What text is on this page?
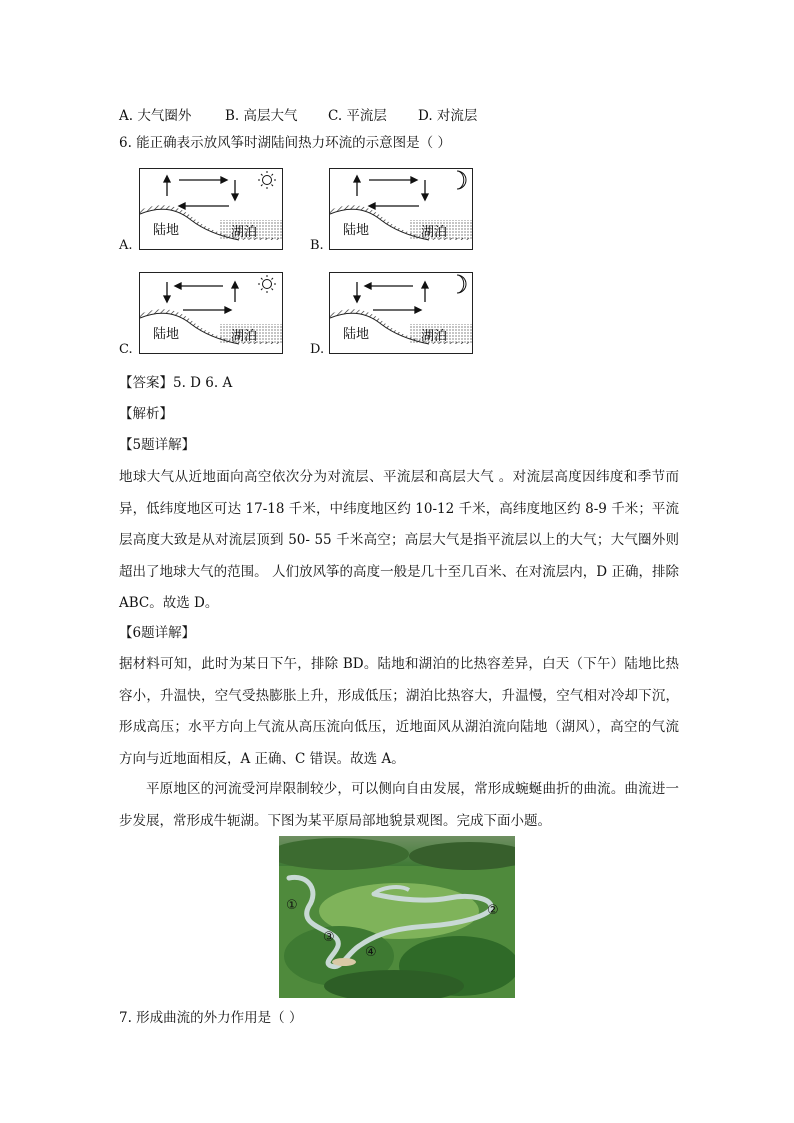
A. 大气圈外 B. 高层大气 C. 平流层 D. 对流层
6. 能正确表示放风筝时湖陆间热力环流的示意图是（ ）
A.
陆地	湖泊
B.
陆地	湖泊
C.
陆地	湖泊
D.
陆地	湖泊
【答案】5. D 6. A
【解析】
【5题详解】
地球大气从近地面向高空依次分为对流层、平流层和高层大气 。对流层高度因纬度和季节而异，低纬度地区可达 17-18 千米，中纬度地区约 10-12 千米，高纬度地区约 8-9 千米；平流层高度大致是从对流层顶到 50- 55 千米高空；高层大气是指平流层以上的大气；大气圈外则超出了地球大气的范围。 人们放风筝的高度一般是几十至几百米、在对流层内，D 正确，排除 ABC。故选 D。
【6题详解】
据材料可知，此时为某日下午，排除 BD。陆地和湖泊的比热容差异，白天（下午）陆地比热容小，升温快，空气受热膨胀上升，形成低压；湖泊比热容大，升温慢，空气相对冷却下沉，形成高压；水平方向上气流从高压流向低压，近地面风从湖泊流向陆地（湖风），高空的气流方向与近地面相反，A 正确、C 错误。故选 A。
平原地区的河流受河岸限制较少，可以侧向自由发展，常形成蜿蜒曲折的曲流。曲流进一步发展，常形成牛轭湖。下图为某平原局部地貌景观图。完成下面小题。
①	②
③
④
7. 形成曲流的外力作用是（ ）
